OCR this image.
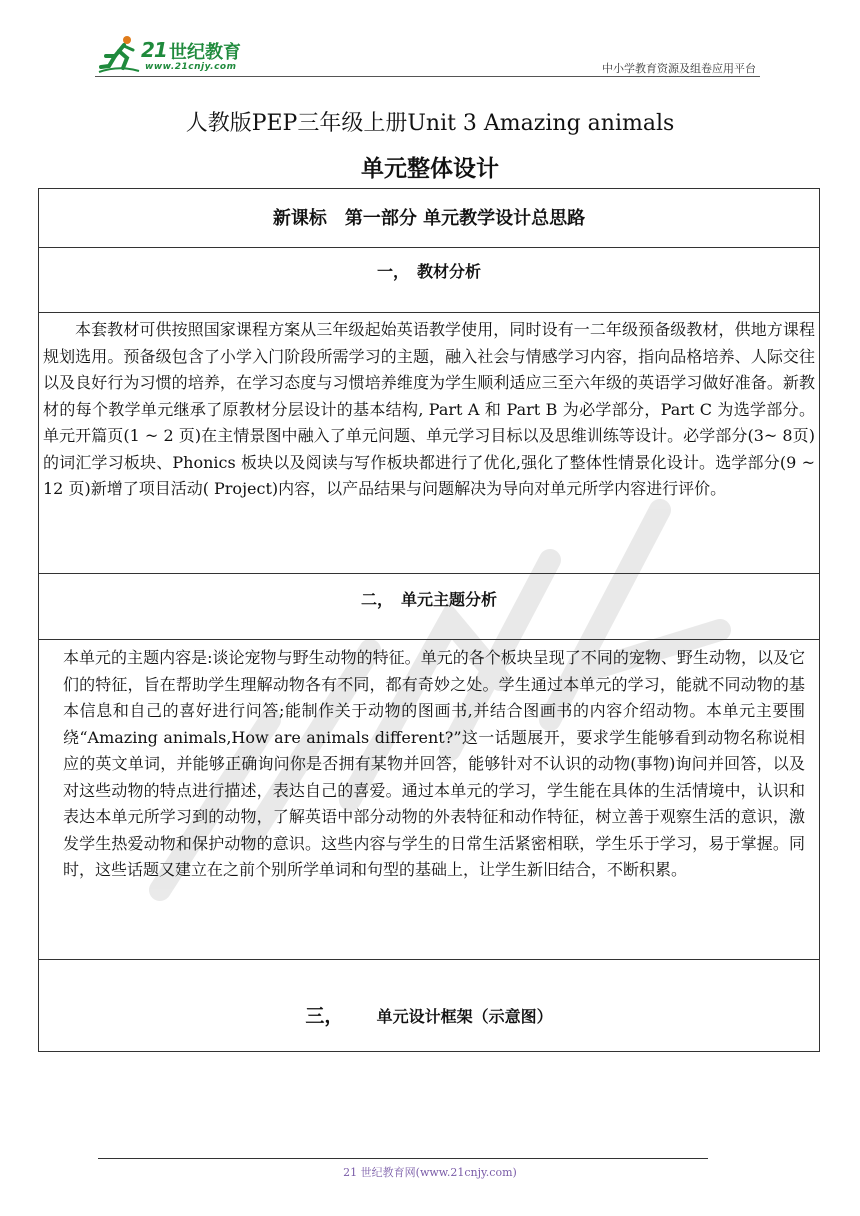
21 世纪教育
www.21cnjy.com	中小学教育资源及组卷应用平台
人教版PEP三年级上册Unit 3 Amazing animals
单元整体设计
新课标　第一部分 单元教学设计总思路
一，　教材分析

本套教材可供按照国家课程方案从三年级起始英语教学使用，同时设有一二年级预备级教材，供地方课程规划选用。预备级包含了小学入门阶段所需学习的主题，融入社会与情感学习内容，指向品格培养、人际交往以及良好行为习惯的培养，在学习态度与习惯培养维度为学生顺利适应三至六年级的英语学习做好准备。新教材的每个教学单元继承了原教材分层设计的基本结构, Part A 和 Part B 为必学部分，Part C 为选学部分。单元开篇页(1 ~ 2 页)在主情景图中融入了单元问题、单元学习目标以及思维训练等设计。必学部分(3~ 8页)的词汇学习板块、Phonics 板块以及阅读与写作板块都进行了优化,强化了整体性情景化设计。选学部分(9 ~ 12 页)新增了项目活动( Project)内容，以产品结果与问题解决为导向对单元所学内容进行评价。

二，　单元主题分析

本单元的主题内容是:谈论宠物与野生动物的特征。单元的各个板块呈现了不同的宠物、野生动物，以及它们的特征，旨在帮助学生理解动物各有不同，都有奇妙之处。学生通过本单元的学习，能就不同动物的基本信息和自己的喜好进行问答;能制作关于动物的图画书,并结合图画书的内容介绍动物。本单元主要围绕“Amazing animals,How are animals different?”这一话题展开，要求学生能够看到动物名称说相应的英文单词，并能够正确询问你是否拥有某物并回答，能够针对不认识的动物(事物)询问并回答，以及对这些动物的特点进行描述，表达自己的喜爱。通过本单元的学习，学生能在具体的生活情境中，认识和表达本单元所学习到的动物，了解英语中部分动物的外表特征和动作特征，树立善于观察生活的意识，激发学生热爱动物和保护动物的意识。这些内容与学生的日常生活紧密相联，学生乐于学习，易于掌握。同时，这些话题又建立在之前个别所学单词和句型的基础上，让学生新旧结合，不断积累。

三， 单元设计框架（示意图）
21 世纪教育网(www.21cnjy.com)
